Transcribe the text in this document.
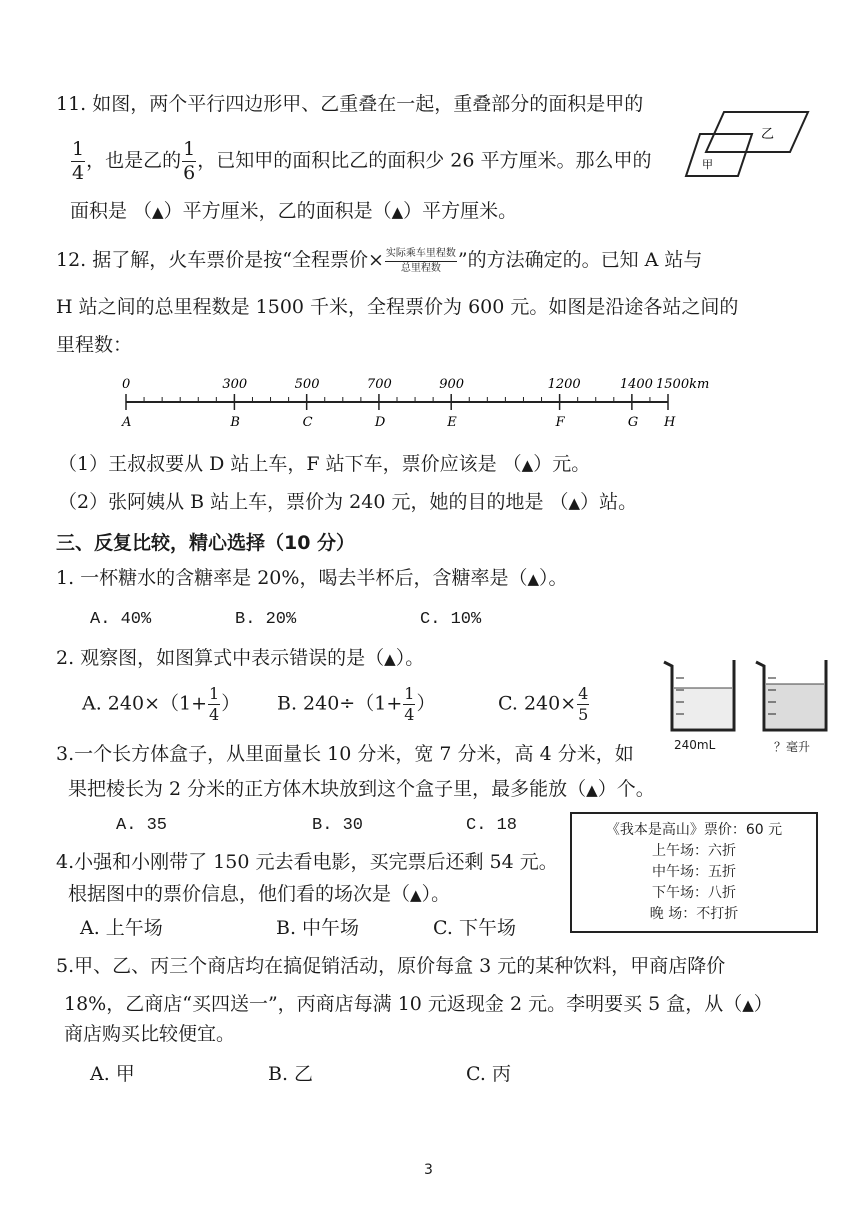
11. 如图，两个平行四边形甲、乙重叠在一起，重叠部分的面积是甲的
$\frac{1}{4}$ ，也是乙的 $\frac{1}{6}$ ，已知甲的面积比乙的面积少 26 平方厘米。那么甲的
面积是 （▲）平方厘米，乙的面积是（▲）平方厘米。
乙
甲
12. 据了解，火车票价是按“全程票价× $\frac{\text{实际乘车里程数}}{\text{总里程数}}$ ”的方法确定的。已知 A 站与
H 站之间的总里程数是 1500 千米，全程票价为 600 元。如图是沿途各站之间的
里程数：
0
A
300
B
500
C
700
D
900
E
1200
F
1400
G
1500km
H
（1）王叔叔要从 D 站上车，F 站下车，票价应该是 （▲）元。
（2）张阿姨从 B 站上车，票价为 240 元，她的目的地是 （▲）站。
三、反复比较，精心选择（10 分）
1. 一杯糖水的含糖率是 20%，喝去半杯后，含糖率是（▲）。
A. 40%	B. 20%	C. 10%
2. 观察图，如图算式中表示错误的是（▲）。
A. $240\times(1+ \frac{1}{4}$ ） B. $240\div(1+ \frac{1}{4}$ ）	C. $240\times \frac{4}{5}$
240mL	？毫升
3.一个长方体盒子，从里面量长 10 分米，宽 7 分米，高 4 分米，如
果把棱长为 2 分米的正方体木块放到这个盒子里，最多能放（▲）个。
A. 35	B. 30	C. 18	《我本是高山》票价：60 元
上午场：六折
中午场：五折
下午场：八折
晚 场：不打折
4.小强和小刚带了 150 元去看电影，买完票后还剩 54 元。
根据图中的票价信息，他们看的场次是（▲）。
A. 上午场	B. 中午场	C. 下午场
5.甲、乙、丙三个商店均在搞促销活动，原价每盒 3 元的某种饮料，甲商店降价
18%，乙商店“买四送一”，丙商店每满 10 元返现金 2 元。李明要买 5 盒，从（▲）
商店购买比较便宜。
A. 甲	B. 乙	C. 丙
3
